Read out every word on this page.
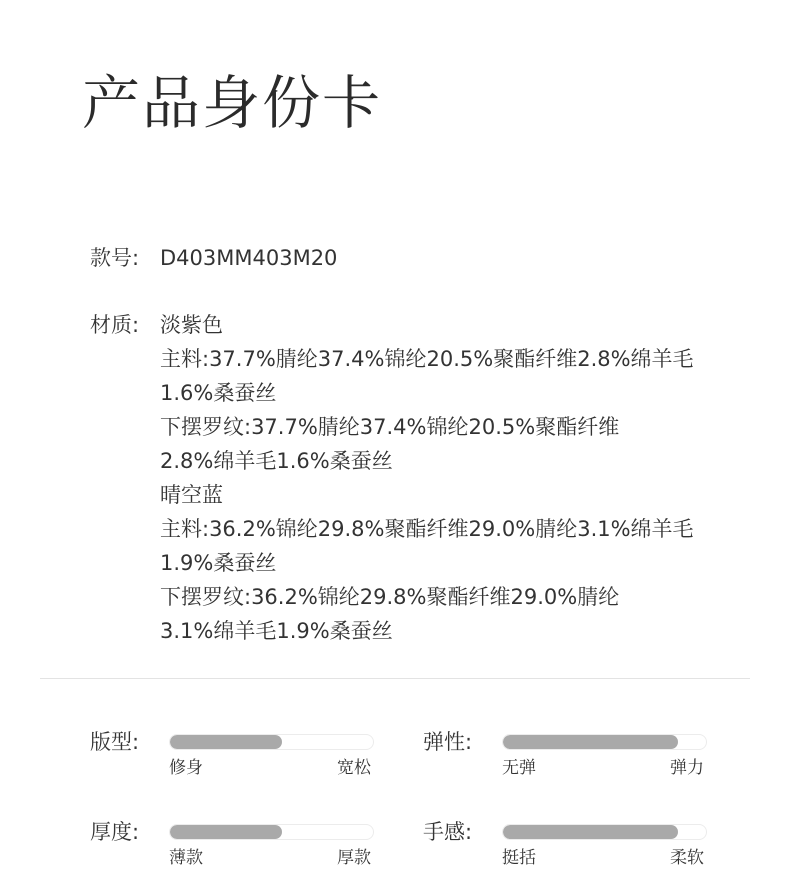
产品身份卡
款号: D403MM403M20
材质: 淡紫色
主料:37.7%腈纶37.4%锦纶20.5%聚酯纤维2.8%绵羊毛
1.6%桑蚕丝
下摆罗纹:37.7%腈纶37.4%锦纶20.5%聚酯纤维
2.8%绵羊毛1.6%桑蚕丝
晴空蓝
主料:36.2%锦纶29.8%聚酯纤维29.0%腈纶3.1%绵羊毛
1.9%桑蚕丝
下摆罗纹:36.2%锦纶29.8%聚酯纤维29.0%腈纶
3.1%绵羊毛1.9%桑蚕丝
版型:
修身	宽松
弹性:
无弹	弹力
厚度:
薄款	厚款
手感:
挺括	柔软
